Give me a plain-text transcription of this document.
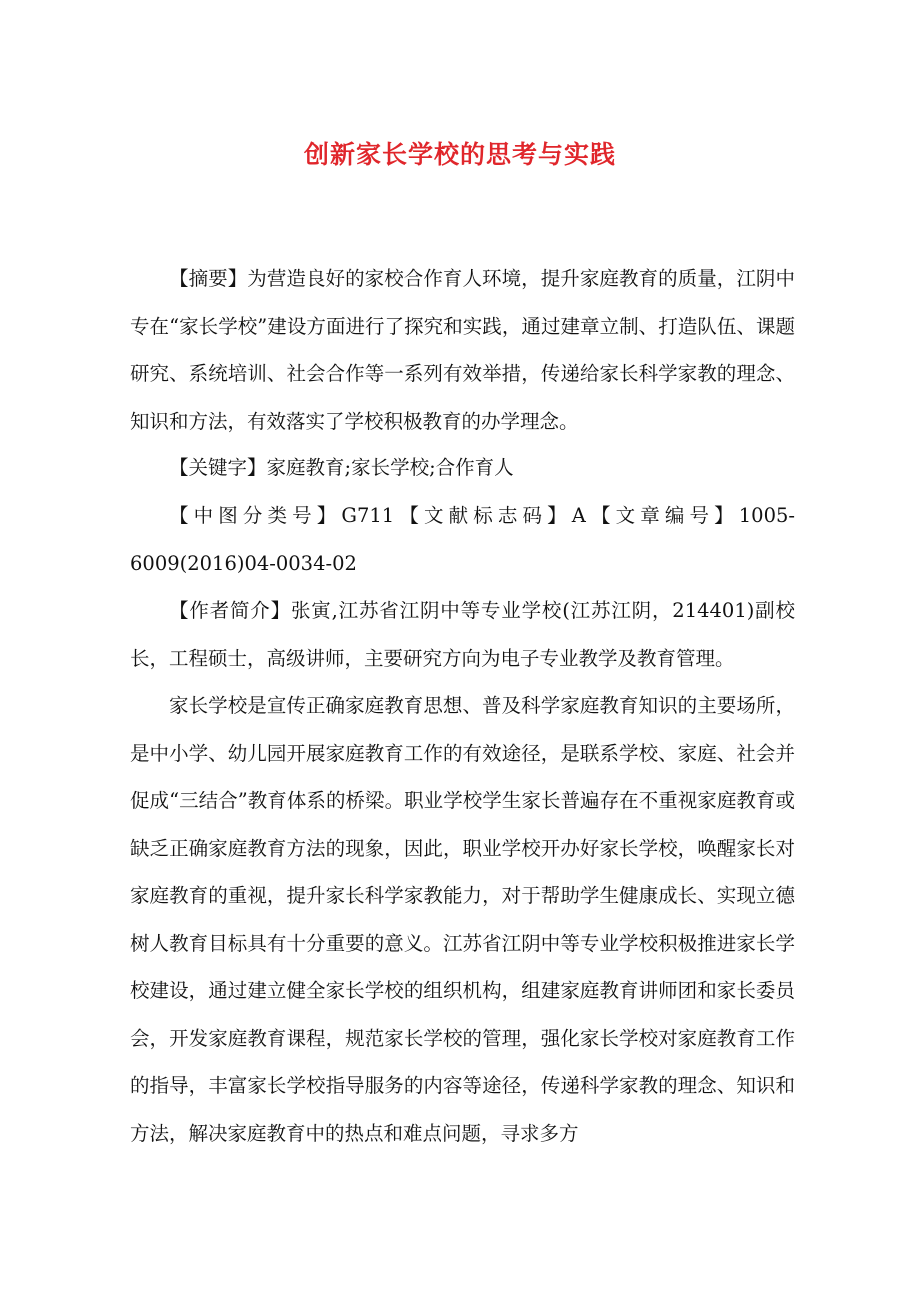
创新家长学校的思考与实践

【摘要】为营造良好的家校合作育人环境，提升家庭教育的质量，江阴中专在“家长学校”建设方面进行了探究和实践，通过建章立制、打造队伍、课题研究、系统培训、社会合作等一系列有效举措，传递给家长科学家教的理念、知识和方法，有效落实了学校积极教育的办学理念。

【关键字】家庭教育;家长学校;合作育人

【中图分类号】G711【文献标志码】A【文章编号】1005-6009(2016)04-0034-02

【作者简介】张寅,江苏省江阴中等专业学校(江苏江阴，214401)副校长，工程硕士，高级讲师，主要研究方向为电子专业教学及教育管理。

家长学校是宣传正确家庭教育思想、普及科学家庭教育知识的主要场所，是中小学、幼儿园开展家庭教育工作的有效途径，是联系学校、家庭、社会并促成“三结合”教育体系的桥梁。职业学校学生家长普遍存在不重视家庭教育或缺乏正确家庭教育方法的现象，因此，职业学校开办好家长学校，唤醒家长对家庭教育的重视，提升家长科学家教能力，对于帮助学生健康成长、实现立德树人教育目标具有十分重要的意义。江苏省江阴中等专业学校积极推进家长学校建设，通过建立健全家长学校的组织机构，组建家庭教育讲师团和家长委员会，开发家庭教育课程，规范家长学校的管理，强化家长学校对家庭教育工作的指导，丰富家长学校指导服务的内容等途径，传递科学家教的理念、知识和方法，解决家庭教育中的热点和难点问题，寻求多方
